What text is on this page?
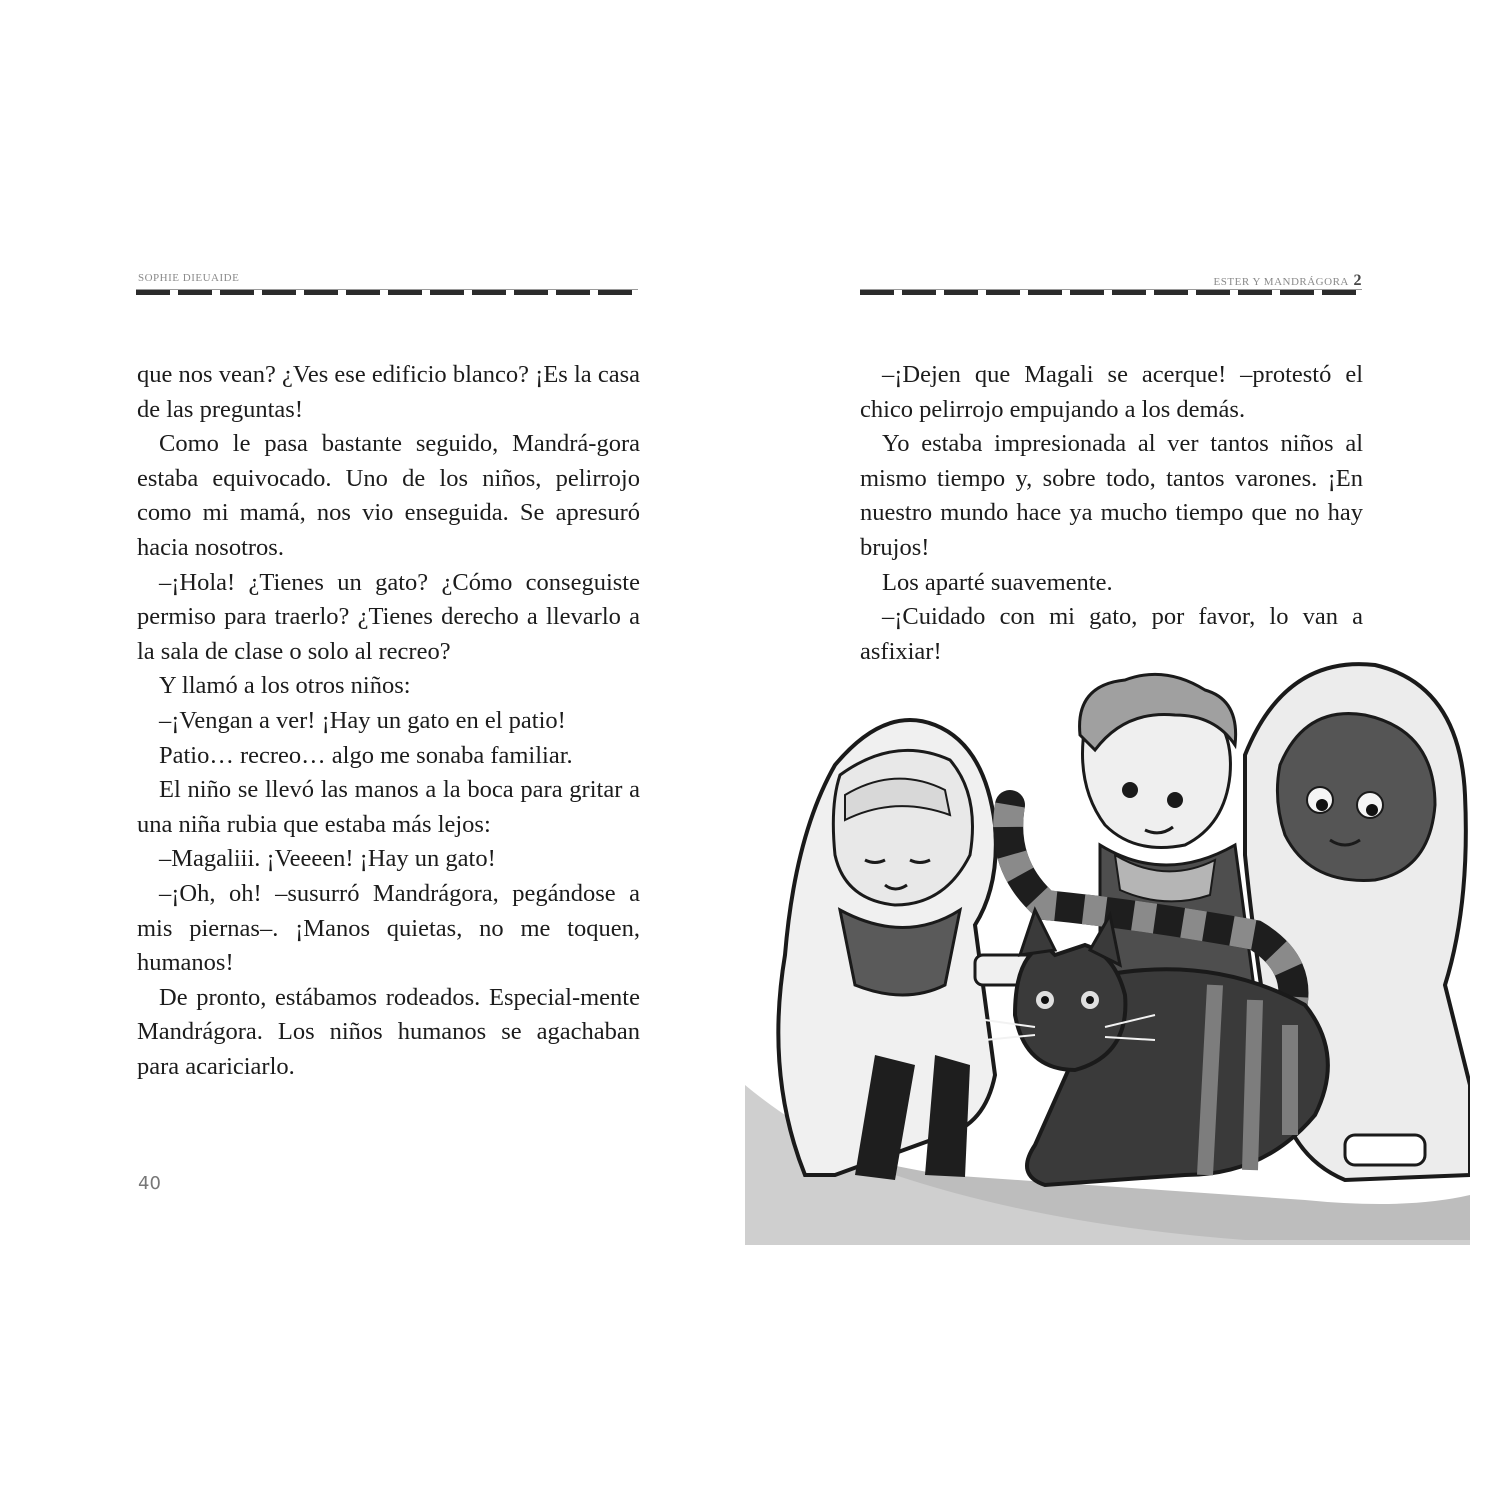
SOPHIE DIEUAIDE

que nos vean? ¿Ves ese edificio blanco? ¡Es la casa de las preguntas!

Como le pasa bastante seguido, Mandrá-gora estaba equivocado. Uno de los niños, pelirrojo como mi mamá, nos vio enseguida. Se apresuró hacia nosotros.

–¡Hola! ¿Tienes un gato? ¿Cómo conseguiste permiso para traerlo? ¿Tienes derecho a llevarlo a la sala de clase o solo al recreo?

Y llamó a los otros niños:

–¡Vengan a ver! ¡Hay un gato en el patio!

Patio… recreo… algo me sonaba familiar.

El niño se llevó las manos a la boca para gritar a una niña rubia que estaba más lejos:

–Magaliii. ¡Veeeen! ¡Hay un gato!

–¡Oh, oh! –susurró Mandrágora, pegándose a mis piernas–. ¡Manos quietas, no me toquen, humanos!

De pronto, estábamos rodeados. Especial-mente Mandrágora. Los niños humanos se agachaban para acariciarlo.

40
ESTER Y MANDRÁGORA 2

–¡Dejen que Magali se acerque! –protestó el chico pelirrojo empujando a los demás.

Yo estaba impresionada al ver tantos niños al mismo tiempo y, sobre todo, tantos varones. ¡En nuestro mundo hace ya mucho tiempo que no hay brujos!

Los aparté suavemente.

–¡Cuidado con mi gato, por favor, lo van a asfixiar!
